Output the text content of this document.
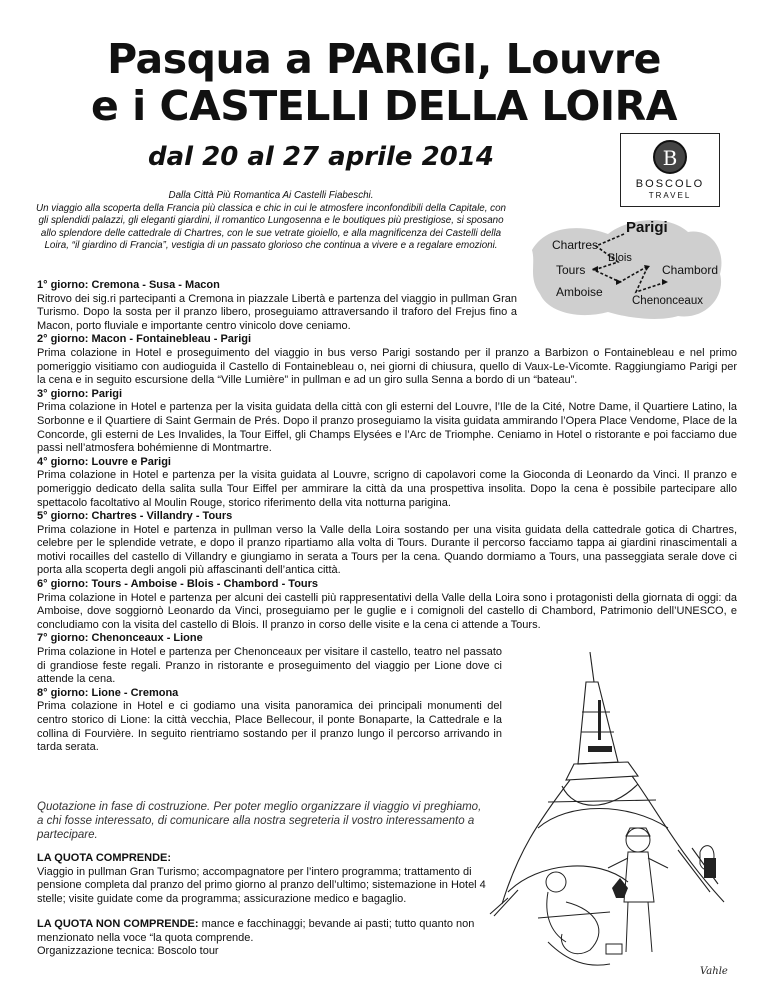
Pasqua a PARIGI, Louvre
e i CASTELLI DELLA LOIRA
dal 20 al 27 aprile 2014	B
BOSCOLO
TRAVEL

Dalla Città Più Romantica Ai Castelli Fiabeschi.

Un viaggio alla scoperta della Francia più classica e chic in cui le atmosfere inconfondibili della Capitale, con gli splendidi palazzi, gli eleganti giardini, il romantico Lungosenna e le boutiques più prestigiose, si sposano allo splendore delle cattedrale di Chartres, con le sue vetrate gioiello, e alla magnificenza dei Castelli della Loira, “il giardino di Francia”, vestigia di un passato glorioso che continua a vivere e a regalare emozioni.

Parigi
Chartres
Blois
Tours	Chambord
Amboise
Chenonceaux
1° giorno: Cremona - Susa - Macon

Ritrovo dei sig.ri partecipanti a Cremona in piazzale Libertà e partenza del viaggio in pullman Gran Turismo. Dopo la sosta per il pranzo libero, proseguiamo attraversando il traforo del Frejus fino a Macon, porto fluviale e importante centro vinicolo dove ceniamo.

2° giorno: Macon - Fontainebleau - Parigi

Prima colazione in Hotel e proseguimento del viaggio in bus verso Parigi sostando per il pranzo a Barbizon o Fontainebleau e nel primo pomeriggio visitiamo con audioguida il Castello di Fontainebleau o, nei giorni di chiusura, quello di Vaux-Le-Vicomte. Raggiungiamo Parigi per la cena e in seguito escursione della “Ville Lumière” in pullman e ad un giro sulla Senna a bordo di un “bateau”.

3° giorno: Parigi

Prima colazione in Hotel e partenza per la visita guidata della città con gli esterni del Louvre, l’Ile de la Cité, Notre Dame, il Quartiere Latino, la Sorbonne e il Quartiere di Saint Germain de Prés. Dopo il pranzo proseguiamo la visita guidata ammirando l’Opera Place Vendome, Place de la Concorde, gli esterni de Les Invalides, la Tour Eiffel, gli Champs Elysées e l’Arc de Triomphe. Ceniamo in Hotel o ristorante e poi facciamo due passi nell’atmosfera bohémienne di Montmartre.

4° giorno: Louvre e Parigi

Prima colazione in Hotel e partenza per la visita guidata al Louvre, scrigno di capolavori come la Gioconda di Leonardo da Vinci. Il pranzo e pomeriggio dedicato della salita sulla Tour Eiffel per ammirare la città da una prospettiva insolita. Dopo la cena è possibile partecipare allo spettacolo facoltativo al Moulin Rouge, storico riferimento della vita notturna parigina.

5° giorno: Chartres - Villandry - Tours

Prima colazione in Hotel e partenza in pullman verso la Valle della Loira sostando per una visita guidata della cattedrale gotica di Chartres, celebre per le splendide vetrate, e dopo il pranzo ripartiamo alla volta di Tours. Durante il percorso facciamo tappa ai giardini rinascimentali a motivi rocailles del castello di Villandry e giungiamo in serata a Tours per la cena. Quando dormiamo a Tours, una passeggiata serale dove ci porta alla scoperta degli angoli più affascinanti dell’antica città.

6° giorno: Tours - Amboise - Blois - Chambord - Tours

Prima colazione in Hotel e partenza per alcuni dei castelli più rappresentativi della Valle della Loira sono i protagonisti della giornata di oggi: da Amboise, dove soggiornò Leonardo da Vinci, proseguiamo per le guglie e i comignoli del castello di Chambord, Patrimonio dell’UNESCO, e concludiamo con la visita del castello di Blois. Il pranzo in corso delle visite e la cena ci attende a Tours.

7° giorno: Chenonceaux - Lione

Prima colazione in Hotel e partenza per Chenonceaux per visitare il castello, teatro nel passato di grandiose feste regali. Pranzo in ristorante e proseguimento del viaggio per Lione dove ci attende la cena.

8° giorno: Lione - Cremona

Prima colazione in Hotel e ci godiamo una visita panoramica dei principali monumenti del centro storico di Lione: la città vecchia, Place Bellecour, il ponte Bonaparte, la Cattedrale e la collina di Fourvière. In seguito rientriamo sostando per il pranzo lungo il percorso arrivando in tarda serata.

Quotazione in fase di costruzione. Per poter meglio organizzare il viaggio vi preghiamo, a chi fosse interessato, di comunicare alla nostra segreteria il vostro interessamento a partecipare.

LA QUOTA COMPRENDE:

Viaggio in pullman Gran Turismo; accompagnatore per l’intero programma; trattamento di pensione completa dal pranzo del primo giorno al pranzo dell’ultimo; sistemazione in Hotel 4 stelle; visite guidate come da programma; assicurazione medico e bagaglio.

LA QUOTA NON COMPRENDE: mance e facchinaggi; bevande ai pasti; tutto quanto non menzionato nella voce “la quota comprende.

Organizzazione tecnica: Boscolo tour

Vahle
